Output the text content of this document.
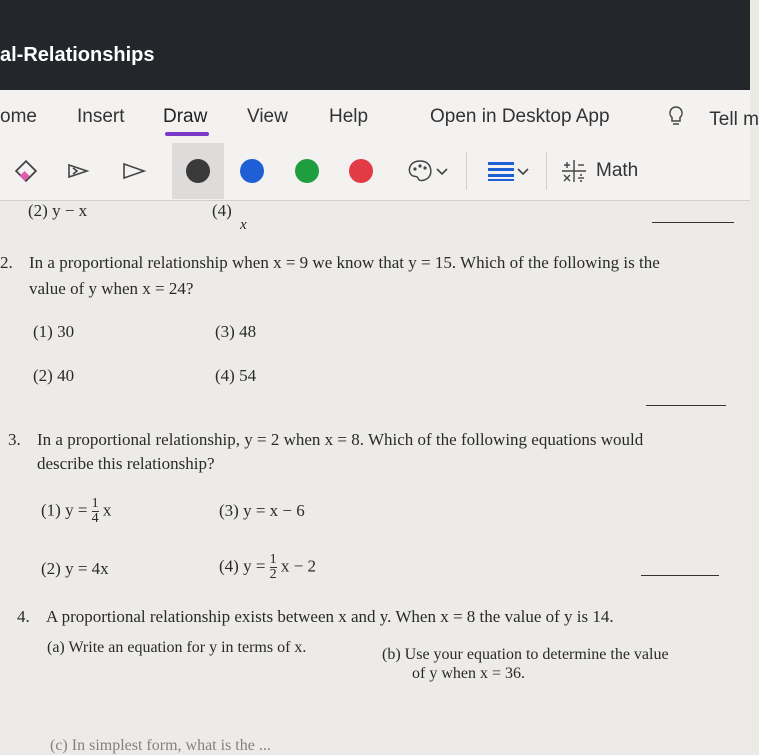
al-Relationships
ome Insert Draw View Help	Open in Desktop App	Tell m
Math
(2) y − x	(4)
x
2. In a proportional relationship when x = 9 we know that y = 15. Which of the following is the
value of y when x = 24?
(1) 30	(3) 48
(2) 40	(4) 54
3. In a proportional relationship, y = 2 when x = 8. Which of the following equations would
describe this relationship?
(1) $y = \frac{1}{4}$ x	(3) y = x − 6
(2) y = 4x	(4) $y = \frac{1}{2}$ x − 2
4. A proportional relationship exists between x and y. When x = 8 the value of y is 14.
(a) Write an equation for y in terms of x.	(b) Use your equation to determine the value
of y when x = 36.
(c) In simplest form, what is the ...
